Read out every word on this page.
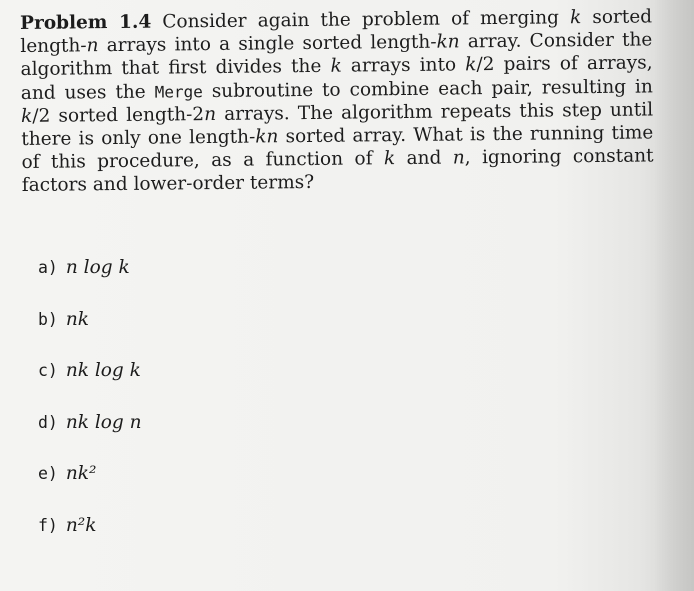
Problem 1.4 Consider again the problem of merging k sorted length-n arrays into a single sorted length-kn array. Consider the algorithm that first divides the k arrays into k/2 pairs of arrays, and uses the Merge subroutine to combine each pair, resulting in k/2 sorted length-2n arrays. The algorithm repeats this step until there is only one length-kn sorted array. What is the running time of this procedure, as a function of k and n, ignoring constant factors and lower-order terms?
a) n log k
b) nk
c) nk log k
d) nk log n
e) nk²
f) n²k
